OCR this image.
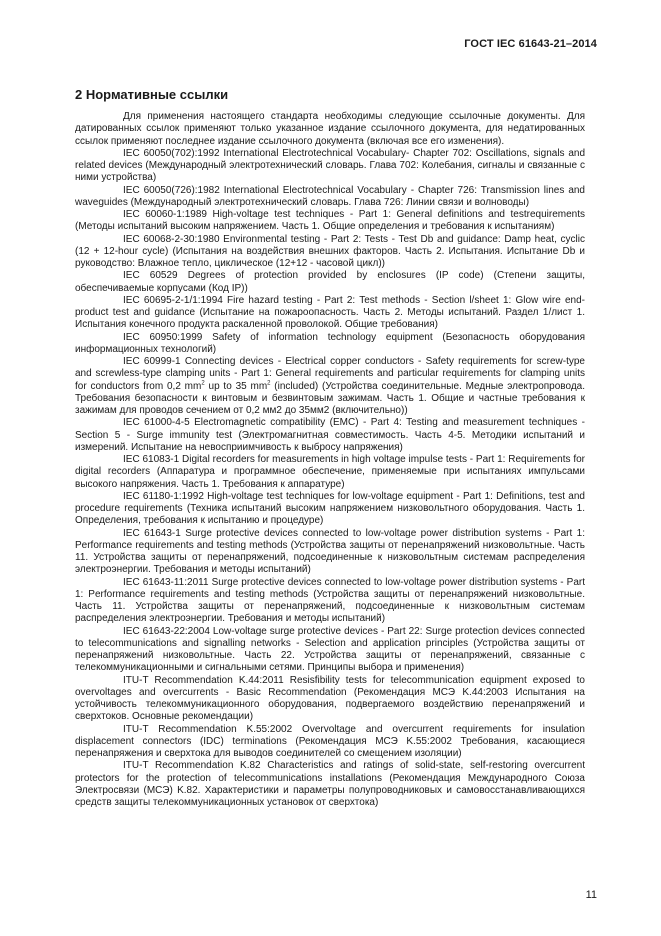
ГОСТ IEC 61643-21–2014
2 Нормативные ссылки

Для применения настоящего стандарта необходимы следующие ссылочные документы. Для датированных ссылок применяют только указанное издание ссылочного документа, для недатированных ссылок применяют последнее издание ссылочного документа (включая все его изменения).

IEC 60050(702):1992 International Electrotechnical Vocabulary- Chapter 702: Oscillations, signals and related devices (Международный электротехнический словарь. Глава 702: Колебания, сигналы и связанные с ними устройства)

IEC 60050(726):1982 International Electrotechnical Vocabulary - Chapter 726: Transmission lines and waveguides (Международный электротехнический словарь. Глава 726: Линии связи и волноводы)

IEC 60060-1:1989 High-voltage test techniques - Part 1: General definitions and testrequirements (Методы испытаний высоким напряжением. Часть 1. Общие определения и требования к испытаниям)

IEC 60068-2-30:1980 Environmental testing - Part 2: Tests - Test Db and guidance: Damp heat, cyclic (12 + 12-hour cycle) (Испытания на воздействия внешних факторов. Часть 2. Испытания. Испытание Db и руководство: Влажное тепло, циклическое (12+12 - часовой цикл))

IEC 60529 Degrees of protection provided by enclosures (IP code) (Степени защиты, обеспечиваемые корпусами (Код IP))

IEC 60695-2-1/1:1994 Fire hazard testing - Part 2: Test methods - Section l/sheet 1: Glow wire end-product test and guidance (Испытание на пожароопасность. Часть 2. Методы испытаний. Раздел 1/лист 1. Испытания конечного продукта раскаленной проволокой. Общие требования)

IEC 60950:1999 Safety of information technology equipment (Безопасность оборудования информационных технологий)

IEC 60999-1 Connecting devices - Electrical copper conductors - Safety requirements for screw-type and screwless-type clamping units - Part 1: General requirements and particular requirements for clamping units for conductors from 0,2 $mm^2$ up to 35 $mm^2$ (included) (Устройства соединительные. Медные электропровода. Требования безопасности к винтовым и безвинтовым зажимам. Часть 1. Общие и частные требования к зажимам для проводов сечением от 0,2 мм2 до 35мм2 (включительно))

IEC 61000-4-5 Electromagnetic compatibility (EMC) - Part 4: Testing and measurement techniques - Section 5 - Surge immunity test (Электромагнитная совместимость. Часть 4-5. Методики испытаний и измерений. Испытание на невосприимчивость к выбросу напряжения)

IEC 61083-1 Digital recorders for measurements in high voltage impulse tests - Part 1: Requirements for digital recorders (Аппаратура и программное обеспечение, применяемые при испытаниях импульсами высокого напряжения. Часть 1. Требования к аппаратуре)

IEC 61180-1:1992 High-voltage test techniques for low-voltage equipment - Part 1: Definitions, test and procedure requirements (Техника испытаний высоким напряжением низковольтного оборудования. Часть 1. Определения, требования к испытанию и процедуре)

IEC 61643-1 Surge protective devices connected to low-voltage power distribution systems - Part 1: Performance requirements and testing methods (Устройства защиты от перенапряжений низковольтные. Часть 11. Устройства защиты от перенапряжений, подсоединенные к низковольтным системам распределения электроэнергии. Требования и методы испытаний)

IEC 61643-11:2011 Surge protective devices connected to low-voltage power distribution systems - Part 1: Performance requirements and testing methods (Устройства защиты от перенапряжений низковольтные. Часть 11. Устройства защиты от перенапряжений, подсоединенные к низковольтным системам распределения электроэнергии. Требования и методы испытаний)

IEC 61643-22:2004 Low-voltage surge protective devices - Part 22: Surge protection devices connected to telecommunications and signalling networks - Selection and application principles (Устройства защиты от перенапряжений низковольтные. Часть 22. Устройства защиты от перенапряжений, связанные с телекоммуникационными и сигнальными сетями. Принципы выбора и применения)

ITU-T Recommendation K.44:2011 Resisfibility tests for telecommunication equipment exposed to overvoltages and overcurrents - Basic Recommendation (Рекомендация МСЭ K.44:2003 Испытания на устойчивость телекоммуникационного оборудования, подвергаемого воздействию перенапряжений и сверхтоков. Основные рекомендации)

ITU-T Recommendation K.55:2002 Overvoltage and overcurrent requirements for insulation displacement connectors (IDC) terminations (Рекомендация МСЭ K.55:2002 Требования, касающиеся перенапряжения и сверхтока для выводов соединителей со смещением изоляции)

ITU-T Recommendation K.82 Characteristics and ratings of solid-state, self-restoring overcurrent protectors for the protection of telecommunications installations (Рекомендация Международного Союза Электросвязи (МСЭ) K.82. Характеристики и параметры полупроводниковых и самовосстанавливающихся средств защиты телекоммуникационных установок от сверхтока)

11
